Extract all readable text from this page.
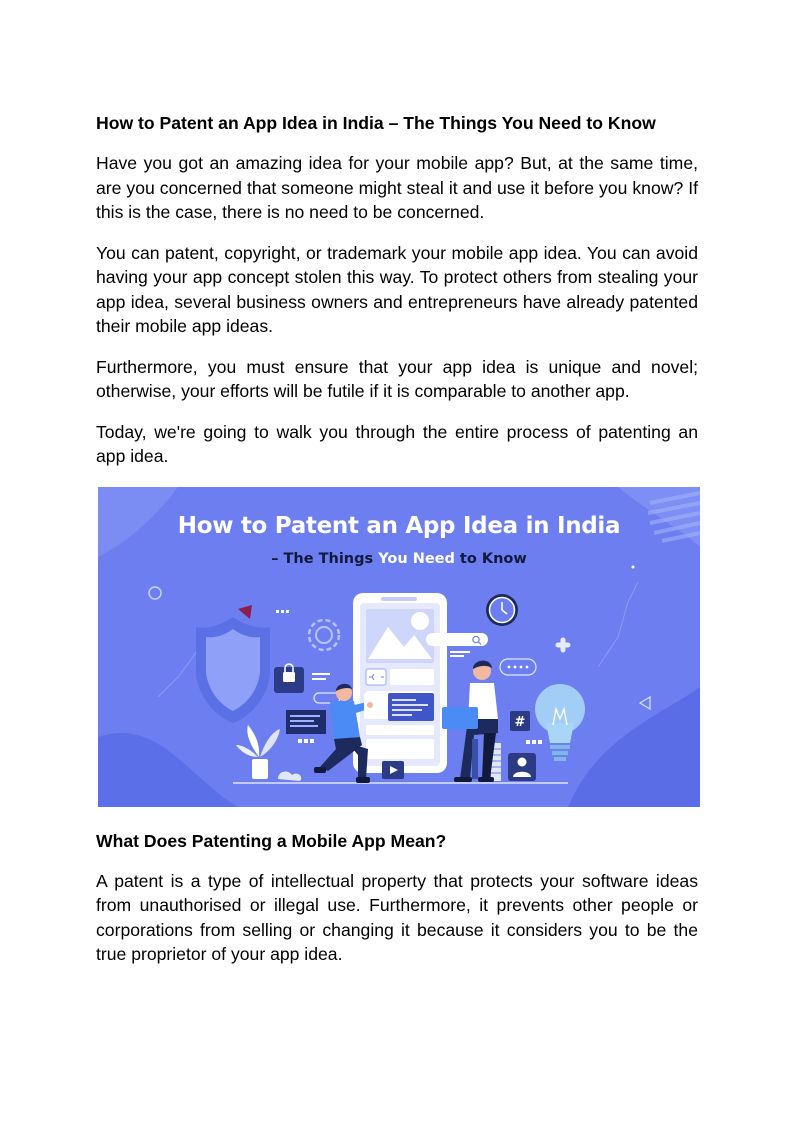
How to Patent an App Idea in India – The Things You Need to Know

Have you got an amazing idea for your mobile app? But, at the same time, are you concerned that someone might steal it and use it before you know? If this is the case, there is no need to be concerned.

You can patent, copyright, or trademark your mobile app idea. You can avoid having your app concept stolen this way. To protect others from stealing your app idea, several business owners and entrepreneurs have already patented their mobile app ideas.

Furthermore, you must ensure that your app idea is unique and novel; otherwise, your efforts will be futile if it is comparable to another app.

Today, we're going to walk you through the entire process of patenting an app idea.

#
How to Patent an App Idea in India
– The Things You Need to Know
What Does Patenting a Mobile App Mean?

A patent is a type of intellectual property that protects your software ideas from unauthorised or illegal use. Furthermore, it prevents other people or corporations from selling or changing it because it considers you to be the true proprietor of your app idea.
